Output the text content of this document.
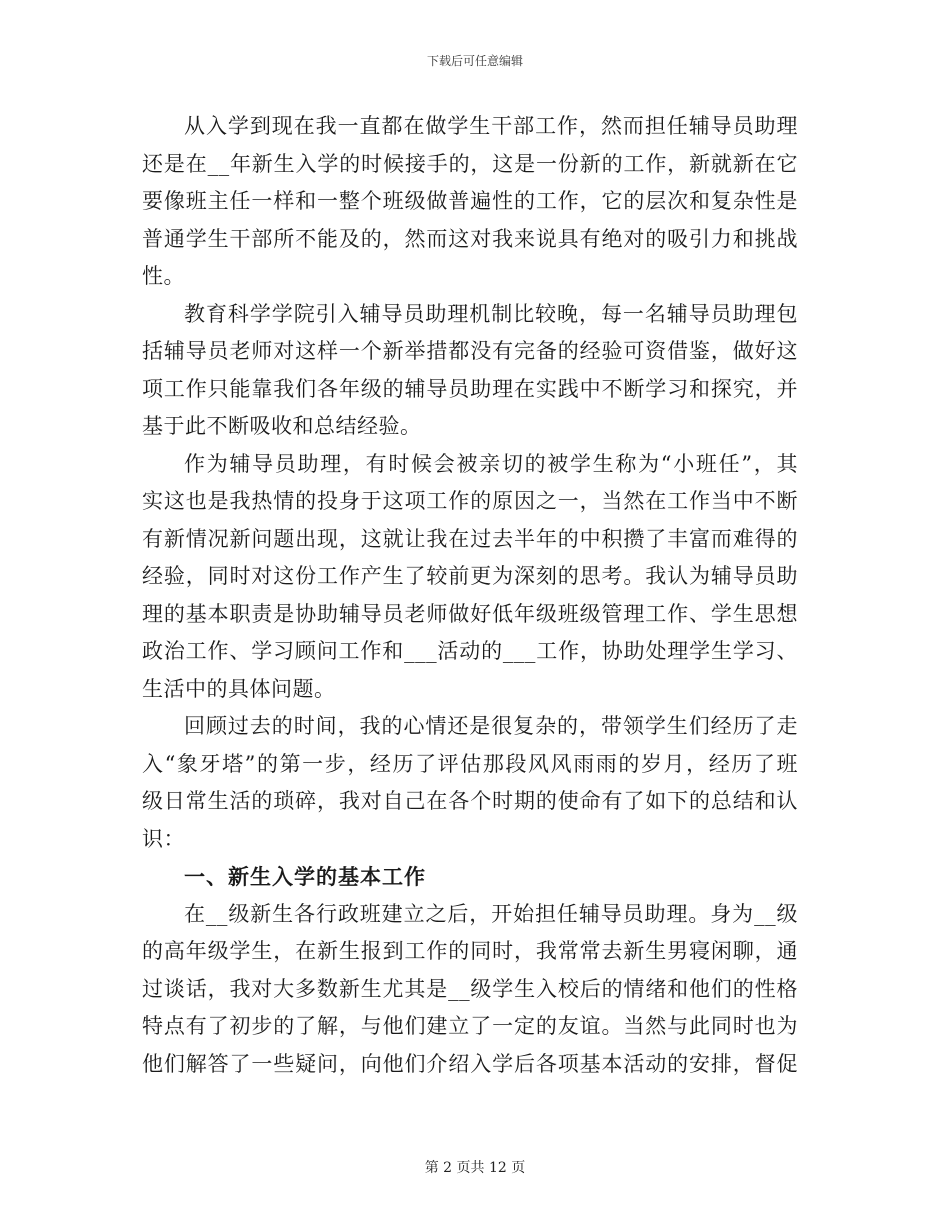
下载后可任意编辑
从入学到现在我一直都在做学生干部工作，然而担任辅导员助理
还是在__年新生入学的时候接手的，这是一份新的工作，新就新在它
要像班主任一样和一整个班级做普遍性的工作，它的层次和复杂性是
普通学生干部所不能及的，然而这对我来说具有绝对的吸引力和挑战
性。
教育科学学院引入辅导员助理机制比较晚，每一名辅导员助理包
括辅导员老师对这样一个新举措都没有完备的经验可资借鉴，做好这
项工作只能靠我们各年级的辅导员助理在实践中不断学习和探究，并
基于此不断吸收和总结经验。
作为辅导员助理，有时候会被亲切的被学生称为“小班任”，其
实这也是我热情的投身于这项工作的原因之一，当然在工作当中不断
有新情况新问题出现，这就让我在过去半年的中积攒了丰富而难得的
经验，同时对这份工作产生了较前更为深刻的思考。我认为辅导员助
理的基本职责是协助辅导员老师做好低年级班级管理工作、学生思想
政治工作、学习顾问工作和___活动的___工作，协助处理学生学习、
生活中的具体问题。
回顾过去的时间，我的心情还是很复杂的，带领学生们经历了走
入“象牙塔”的第一步，经历了评估那段风风雨雨的岁月，经历了班
级日常生活的琐碎，我对自己在各个时期的使命有了如下的总结和认
识：
一、新生入学的基本工作
在__级新生各行政班建立之后，开始担任辅导员助理。身为__级
的高年级学生，在新生报到工作的同时，我常常去新生男寝闲聊，通
过谈话，我对大多数新生尤其是__级学生入校后的情绪和他们的性格
特点有了初步的了解，与他们建立了一定的友谊。当然与此同时也为
他们解答了一些疑问，向他们介绍入学后各项基本活动的安排，督促
第 2 页共 12 页
